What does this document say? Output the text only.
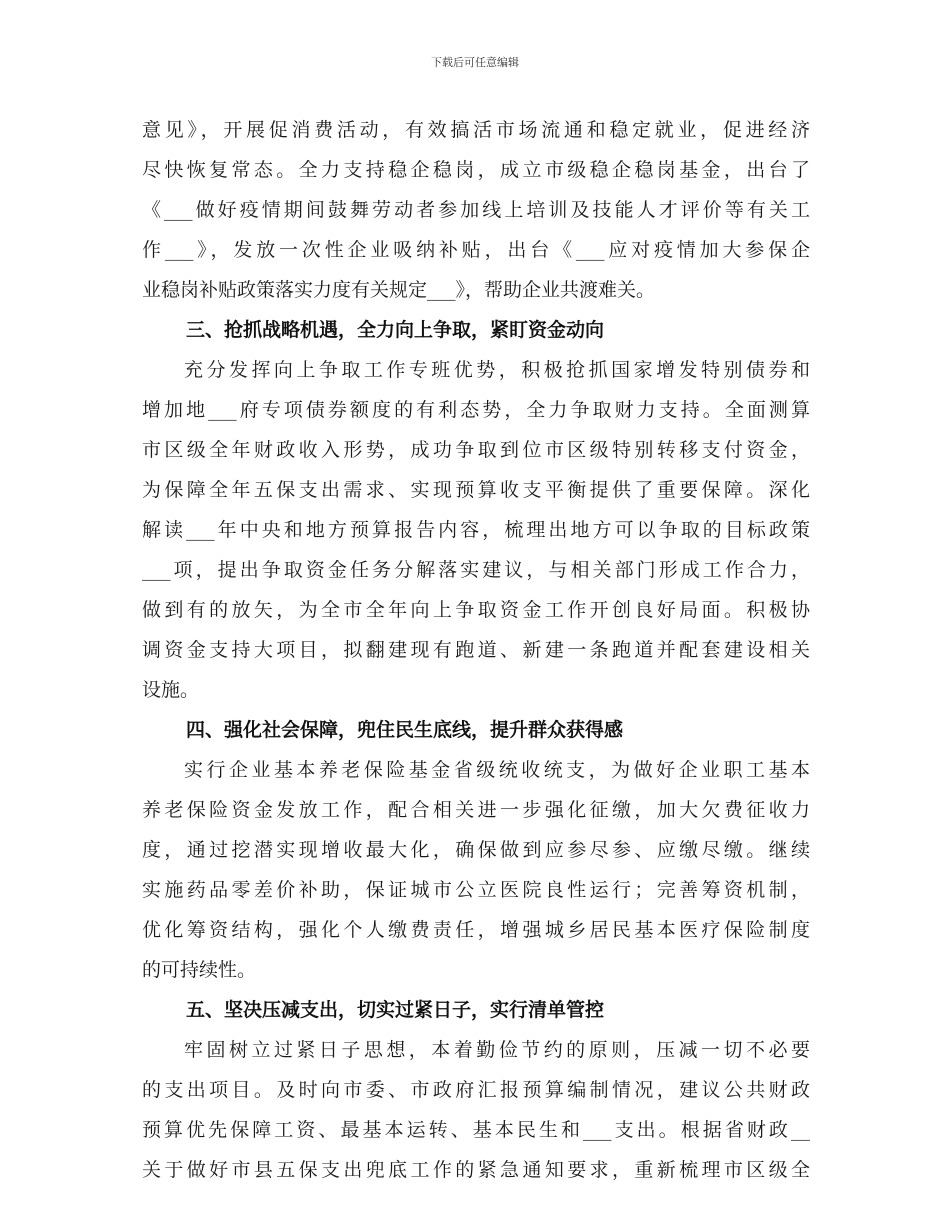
下载后可任意编辑
意见》，开展促消费活动，有效搞活市场流通和稳定就业，促进经济
尽快恢复常态。全力支持稳企稳岗，成立市级稳企稳岗基金，出台了
《___做好疫情期间鼓舞劳动者参加线上培训及技能人才评价等有关工
作___》，发放一次性企业吸纳补贴，出台《___应对疫情加大参保企
业稳岗补贴政策落实力度有关规定___》，帮助企业共渡难关。
三、抢抓战略机遇，全力向上争取，紧盯资金动向
充分发挥向上争取工作专班优势，积极抢抓国家增发特别债券和
增加地___府专项债券额度的有利态势，全力争取财力支持。全面测算
市区级全年财政收入形势，成功争取到位市区级特别转移支付资金，
为保障全年五保支出需求、实现预算收支平衡提供了重要保障。深化
解读___年中央和地方预算报告内容，梳理出地方可以争取的目标政策
___项，提出争取资金任务分解落实建议，与相关部门形成工作合力，
做到有的放矢，为全市全年向上争取资金工作开创良好局面。积极协
调资金支持大项目，拟翻建现有跑道、新建一条跑道并配套建设相关
设施。
四、强化社会保障，兜住民生底线，提升群众获得感
实行企业基本养老保险基金省级统收统支，为做好企业职工基本
养老保险资金发放工作，配合相关进一步强化征缴，加大欠费征收力
度，通过挖潜实现增收最大化，确保做到应参尽参、应缴尽缴。继续
实施药品零差价补助，保证城市公立医院良性运行；完善筹资机制，
优化筹资结构，强化个人缴费责任，增强城乡居民基本医疗保险制度
的可持续性。
五、坚决压减支出，切实过紧日子，实行清单管控
牢固树立过紧日子思想，本着勤俭节约的原则，压减一切不必要
的支出项目。及时向市委、市政府汇报预算编制情况，建议公共财政
预算优先保障工资、最基本运转、基本民生和___支出。根据省财政__
关于做好市县五保支出兜底工作的紧急通知要求，重新梳理市区级全
